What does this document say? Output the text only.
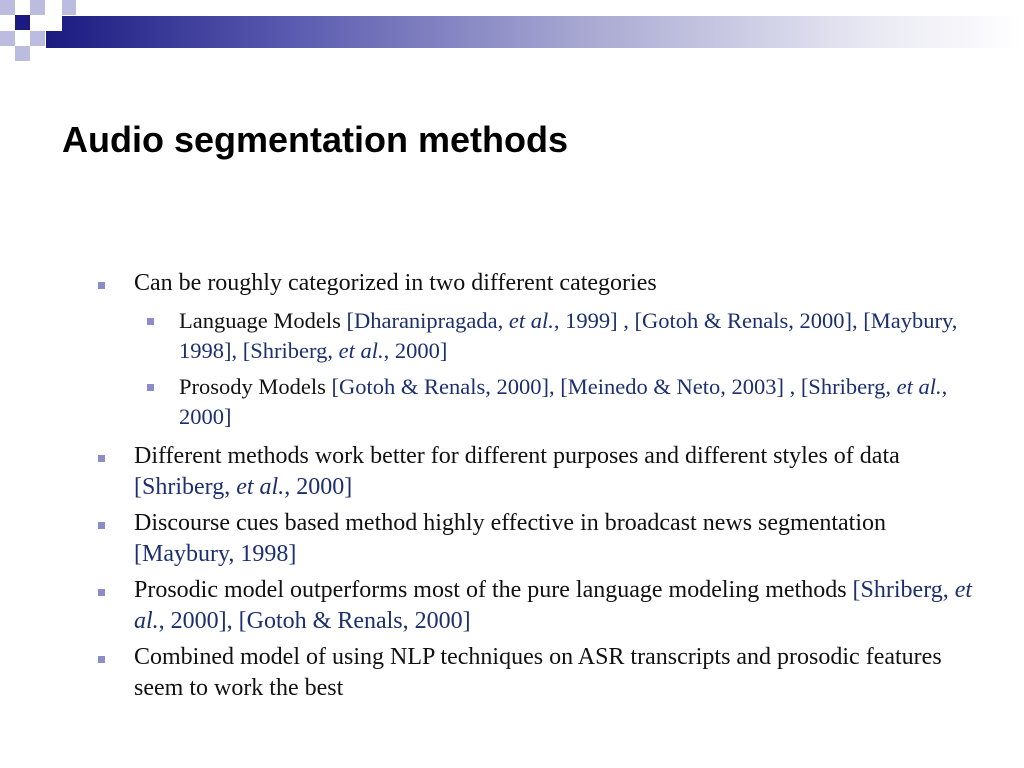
Audio segmentation methods
Can be roughly categorized in two different categories
Language Models [Dharanipragada, et al., 1999] , [Gotoh & Renals, 2000], [Maybury, 1998], [Shriberg, et al., 2000]
Prosody Models [Gotoh & Renals, 2000], [Meinedo & Neto, 2003] , [Shriberg, et al., 2000]
Different methods work better for different purposes and different styles of data [Shriberg, et al., 2000]
Discourse cues based method highly effective in broadcast news segmentation [Maybury, 1998]
Prosodic model outperforms most of the pure language modeling methods [Shriberg, et al., 2000], [Gotoh & Renals, 2000]
Combined model of using NLP techniques on ASR transcripts and prosodic features seem to work the best
